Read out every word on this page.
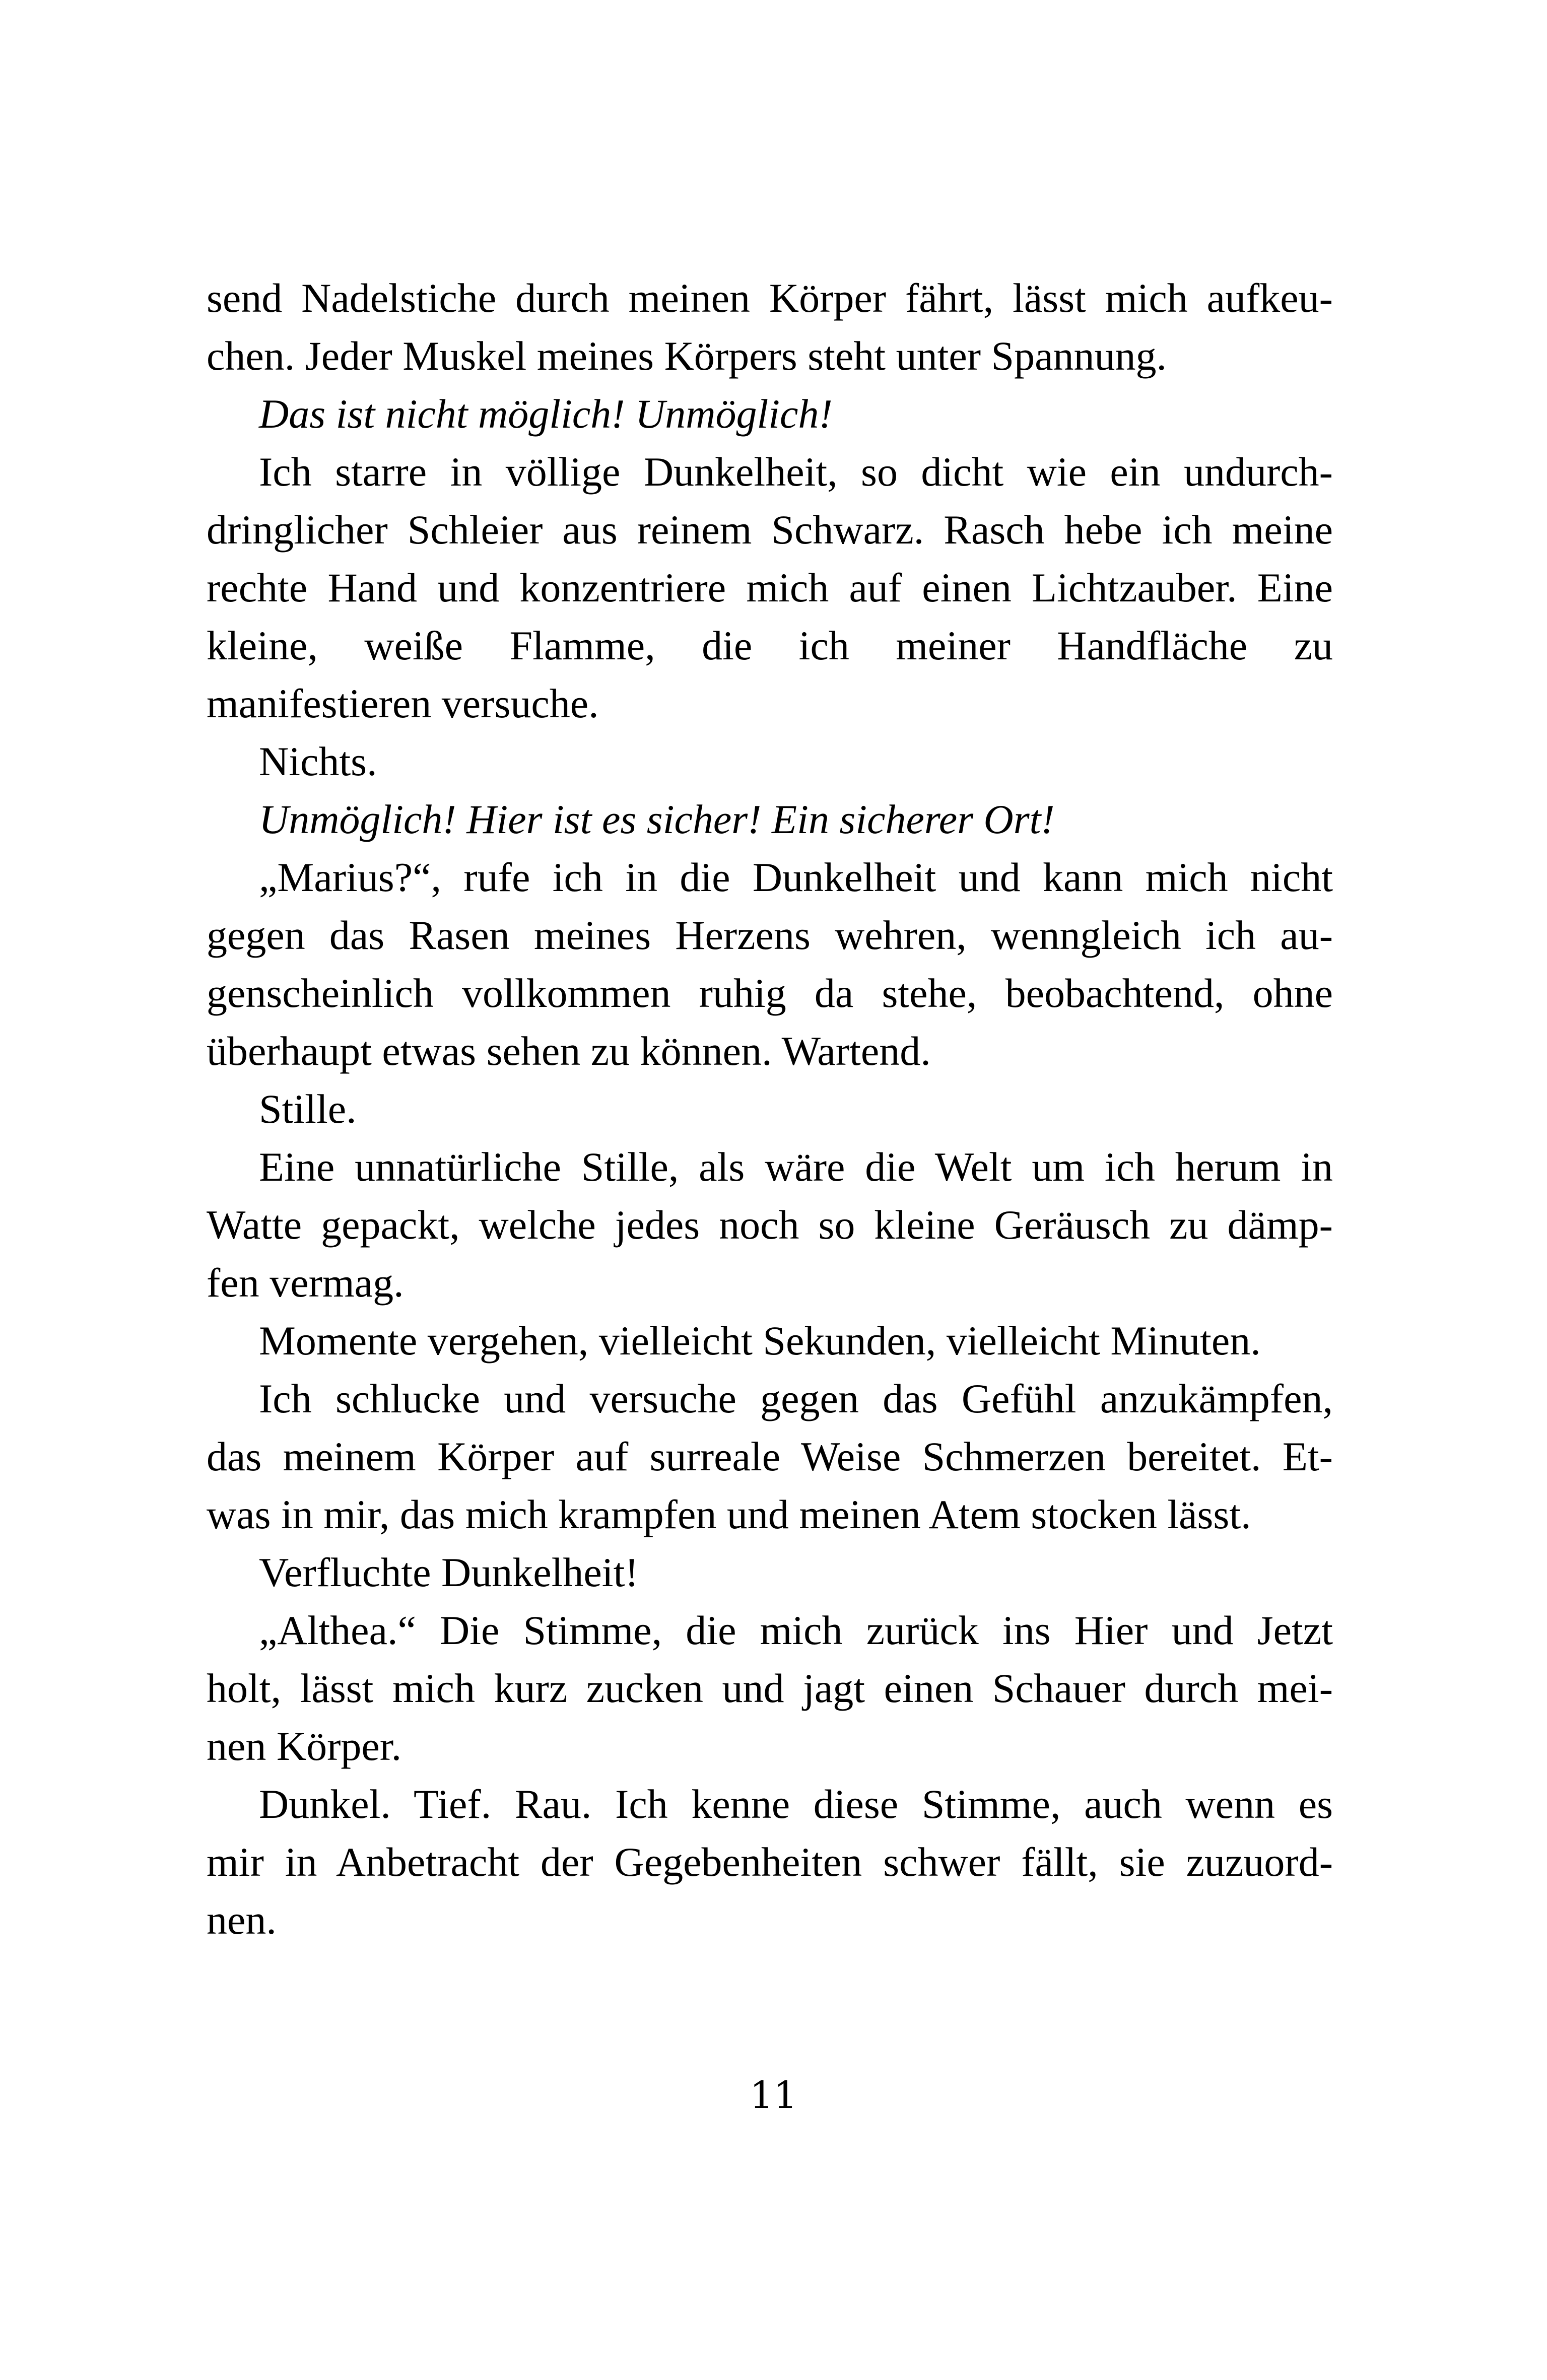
send Nadelstiche durch meinen Körper fährt, lässt mich aufkeu-
chen. Jeder Muskel meines Körpers steht unter Spannung.
Das ist nicht möglich! Unmöglich!
Ich starre in völlige Dunkelheit, so dicht wie ein undurch-
dringlicher Schleier aus reinem Schwarz. Rasch hebe ich meine
rechte Hand und konzentriere mich auf einen Lichtzauber. Eine
kleine, weiße Flamme, die ich meiner Handfläche zu
manifestieren versuche.
Nichts.
Unmöglich! Hier ist es sicher! Ein sicherer Ort!
„Marius?“, rufe ich in die Dunkelheit und kann mich nicht
gegen das Rasen meines Herzens wehren, wenngleich ich au-
genscheinlich vollkommen ruhig da stehe, beobachtend, ohne
überhaupt etwas sehen zu können. Wartend.
Stille.
Eine unnatürliche Stille, als wäre die Welt um ich herum in
Watte gepackt, welche jedes noch so kleine Geräusch zu dämp-
fen vermag.
Momente vergehen, vielleicht Sekunden, vielleicht Minuten.
Ich schlucke und versuche gegen das Gefühl anzukämpfen,
das meinem Körper auf surreale Weise Schmerzen bereitet. Et-
was in mir, das mich krampfen und meinen Atem stocken lässt.
Verfluchte Dunkelheit!
„Althea.“ Die Stimme, die mich zurück ins Hier und Jetzt
holt, lässt mich kurz zucken und jagt einen Schauer durch mei-
nen Körper.
Dunkel. Tief. Rau. Ich kenne diese Stimme, auch wenn es
mir in Anbetracht der Gegebenheiten schwer fällt, sie zuzuord-
nen.
11
